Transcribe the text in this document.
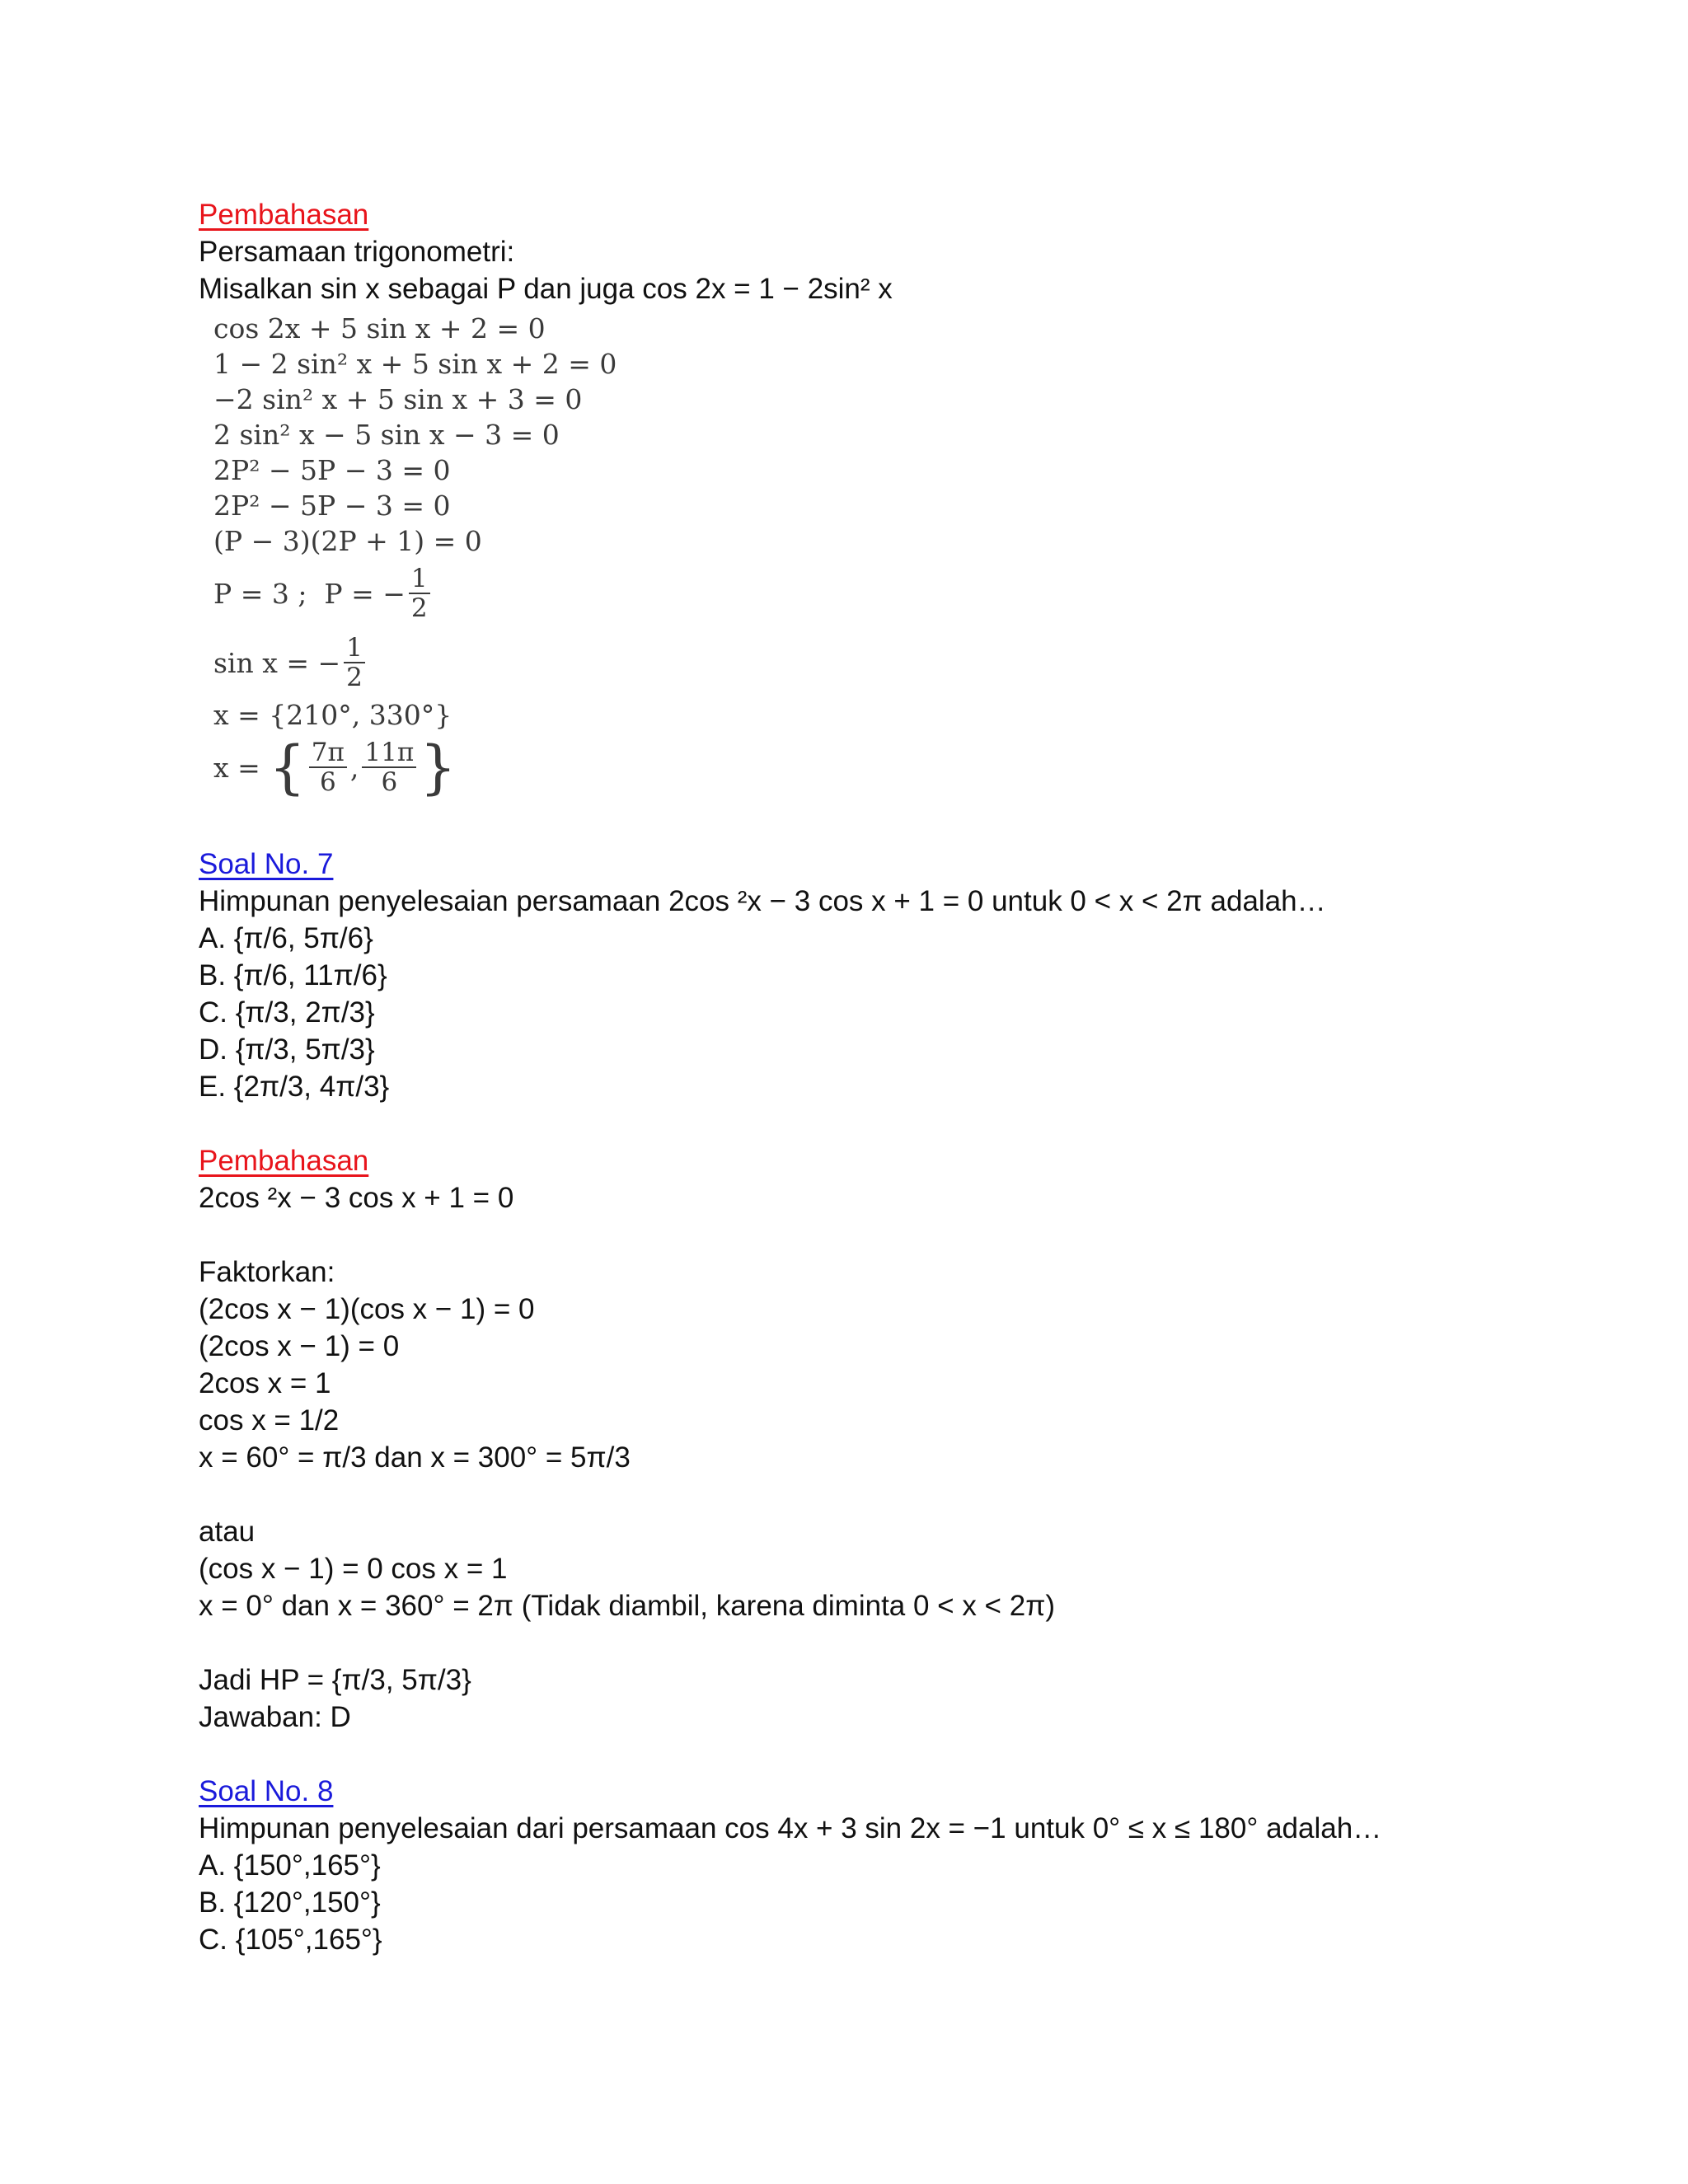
Pembahasan

Persamaan trigonometri:

Misalkan sin x sebagai P dan juga cos 2x = 1 − 2sin² x

cos 2x + 5 sin x + 2 = 0
1 − 2 sin² x + 5 sin x + 2 = 0
−2 sin² x + 5 sin x + 3 = 0
2 sin² x − 5 sin x − 3 = 0
2P² − 5P − 3 = 0
2P² − 5P − 3 = 0
(P − 3)(2P + 1) = 0
P = 3 ;  P = − $\frac{1}{2}$
sin x = − $\frac{1}{2}$
x = {210°, 330°}
x = { $\frac{7\pi}{6}$ , $\frac{11\pi}{6}$ }

Soal No. 7

Himpunan penyelesaian persamaan 2cos ²x − 3 cos x + 1 = 0 untuk 0 < x < 2π adalah…

A. {π/6, 5π/6}

B. {π/6, 11π/6}

C. {π/3, 2π/3}

D. {π/3, 5π/3}

E. {2π/3, 4π/3}

Pembahasan

2cos ²x − 3 cos x + 1 = 0

Faktorkan:

(2cos x − 1)(cos x − 1) = 0

(2cos x − 1) = 0

2cos x = 1

cos x = 1/2

x = 60° = π/3 dan x = 300° = 5π/3

atau

(cos x − 1) = 0 cos x = 1

x = 0° dan x = 360° = 2π (Tidak diambil, karena diminta 0 < x < 2π)

Jadi HP = {π/3, 5π/3}

Jawaban: D

Soal No. 8

Himpunan penyelesaian dari persamaan cos 4x + 3 sin 2x = −1 untuk 0° ≤ x ≤ 180° adalah…

A. {150°,165°}

B. {120°,150°}

C. {105°,165°}
